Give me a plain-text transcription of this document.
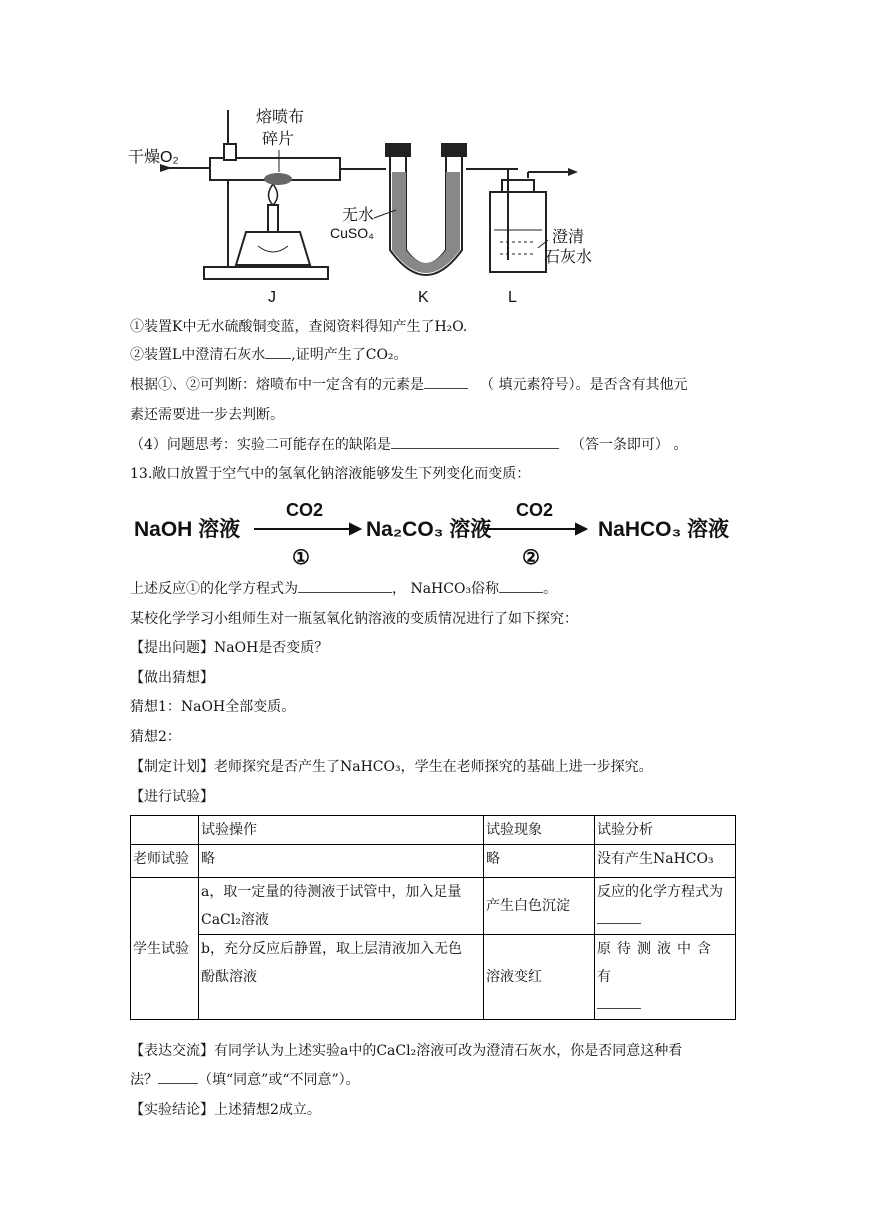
干燥O₂
熔喷布
碎片
无水
CuSO₄	澄清
石灰水
J	K	L
①装置K中无水硫酸铜变蓝，查阅资料得知产生了H₂O.
②装置L中澄清石灰水 ,证明产生了CO₂。
根据①、②可判断：熔喷布中一定含有的元素是	（ 填元素符号）。是否含有其他元
素还需要进一步去判断。
（4）问题思考：实验二可能存在的缺陷是	（答一条即可） 。
13.敞口放置于空气中的氢氧化钠溶液能够发生下列变化而变质：
NaOH 溶液
CO2
①
Na₂CO₃ 溶液
CO2
②
NaHCO₃ 溶液
上述反应①的化学方程式为	， NaHCO₃俗称	。
某校化学学习小组师生对一瓶氢氧化钠溶液的变质情况进行了如下探究：
【提出问题】NaOH是否变质？
【做出猜想】
猜想1：NaOH全部变质。
猜想2：
【制定计划】老师探究是否产生了NaHCO₃，学生在老师探究的基础上进一步探究。
【进行试验】
	试验操作	试验现象	试验分析
老师试验	略	略	没有产生NaHCO₃
学生试验	a，取一定量的待测液于试管中，加入足量
CaCl₂溶液	产生白色沉淀	反应的化学方程式为

	b，充分反应后静置，取上层清液加入无色
酚酞溶液	溶液变红	原待测液中含有
【表达交流】有同学认为上述实验a中的CaCl₂溶液可改为澄清石灰水，你是否同意这种看
法？	（填“同意”或“不同意”）。
【实验结论】上述猜想2成立。
